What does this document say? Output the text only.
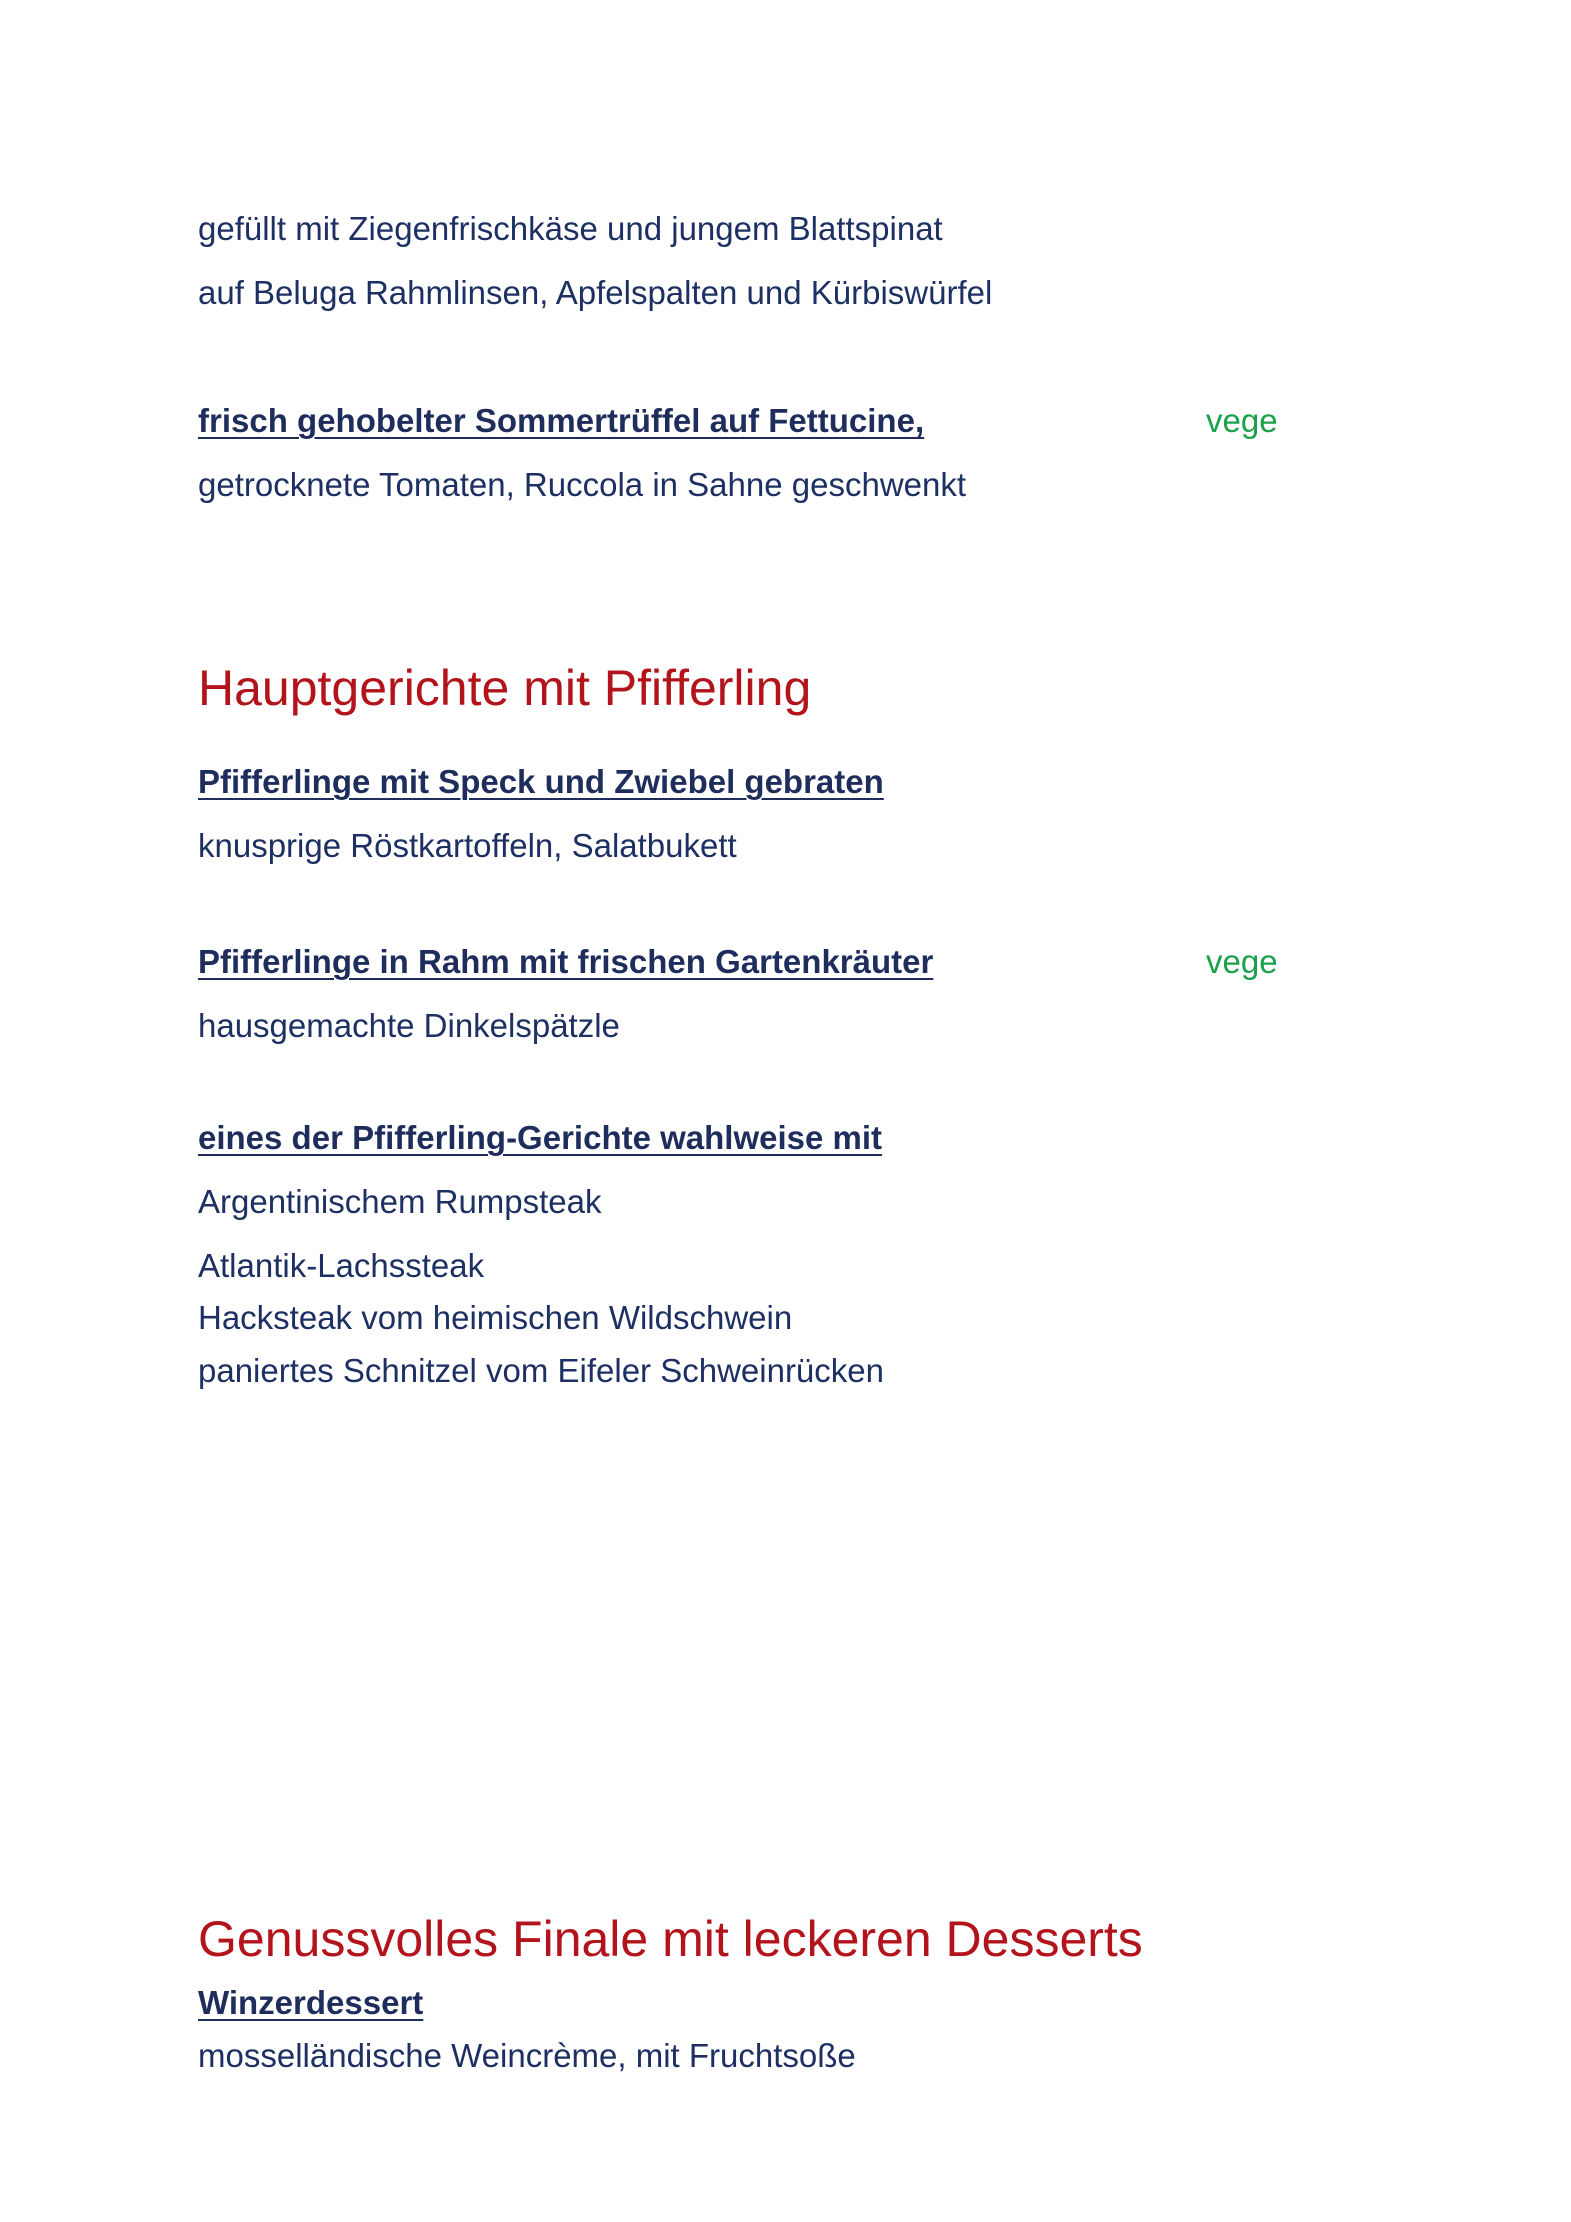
gefüllt mit Ziegenfrischkäse und jungem Blattspinat
auf Beluga Rahmlinsen, Apfelspalten und Kürbiswürfel
frisch gehobelter Sommertrüffel auf Fettucine,	vege
getrocknete Tomaten, Ruccola in Sahne geschwenkt
Hauptgerichte mit Pfifferling
Pfifferlinge mit Speck und Zwiebel gebraten
knusprige Röstkartoffeln, Salatbukett
Pfifferlinge in Rahm mit frischen Gartenkräuter	vege
hausgemachte Dinkelspätzle
eines der Pfifferling-Gerichte wahlweise mit
Argentinischem Rumpsteak
Atlantik-Lachssteak
Hacksteak vom heimischen Wildschwein
paniertes Schnitzel vom Eifeler Schweinrücken
Genussvolles Finale mit leckeren Desserts
Winzerdessert
mosselländische Weincrème, mit Fruchtsoße
